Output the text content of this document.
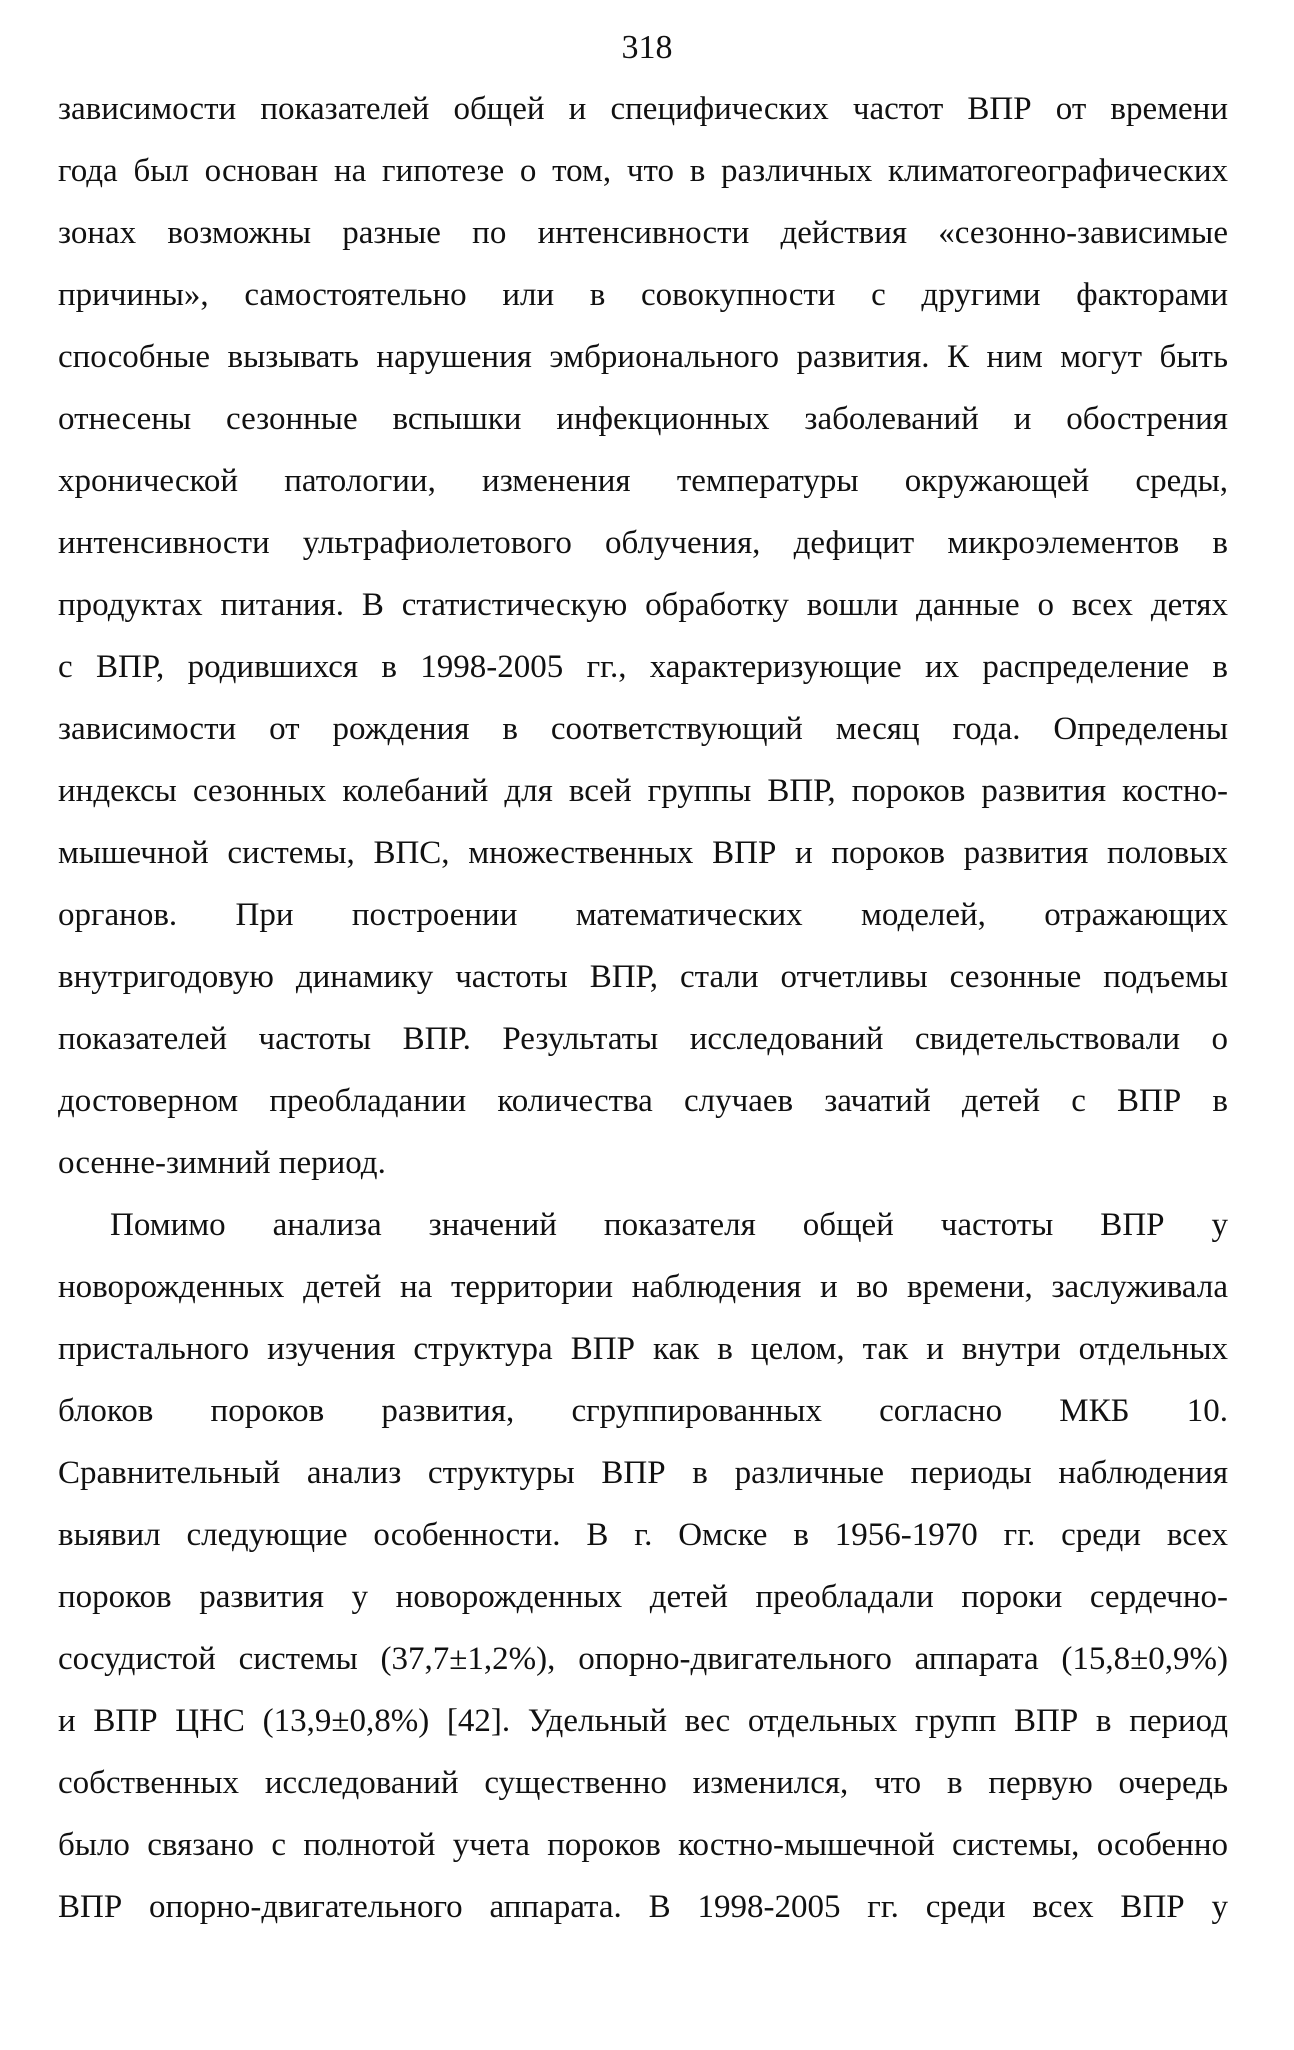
318
зависимости показателей общей и специфических частот ВПР от времени
года был основан на гипотезе о том, что в различных климатогеографических
зонах возможны разные по интенсивности действия «сезонно-зависимые
причины», самостоятельно или в совокупности с другими факторами
способные вызывать нарушения эмбрионального развития. К ним могут быть
отнесены сезонные вспышки инфекционных заболеваний и обострения
хронической патологии, изменения температуры окружающей среды,
интенсивности ультрафиолетового облучения, дефицит микроэлементов в
продуктах питания. В статистическую обработку вошли данные о всех детях
с ВПР, родившихся в 1998-2005 гг., характеризующие их распределение в
зависимости от рождения в соответствующий месяц года. Определены
индексы сезонных колебаний для всей группы ВПР, пороков развития костно-
мышечной системы, ВПС, множественных ВПР и пороков развития половых
органов. При построении математических моделей, отражающих
внутригодовую динамику частоты ВПР, стали отчетливы сезонные подъемы
показателей частоты ВПР. Результаты исследований свидетельствовали о
достоверном преобладании количества случаев зачатий детей с ВПР в
осенне-зимний период.
Помимо анализа значений показателя общей частоты ВПР у
новорожденных детей на территории наблюдения и во времени, заслуживала
пристального изучения структура ВПР как в целом, так и внутри отдельных
блоков пороков развития, сгруппированных согласно МКБ 10.
Сравнительный анализ структуры ВПР в различные периоды наблюдения
выявил следующие особенности. В г. Омске в 1956-1970 гг. среди всех
пороков развития у новорожденных детей преобладали пороки сердечно-
сосудистой системы (37,7±1,2%), опорно-двигательного аппарата (15,8±0,9%)
и ВПР ЦНС (13,9±0,8%) [42]. Удельный вес отдельных групп ВПР в период
собственных исследований существенно изменился, что в первую очередь
было связано с полнотой учета пороков костно-мышечной системы, особенно
ВПР опорно-двигательного аппарата. В 1998-2005 гг. среди всех ВПР у
